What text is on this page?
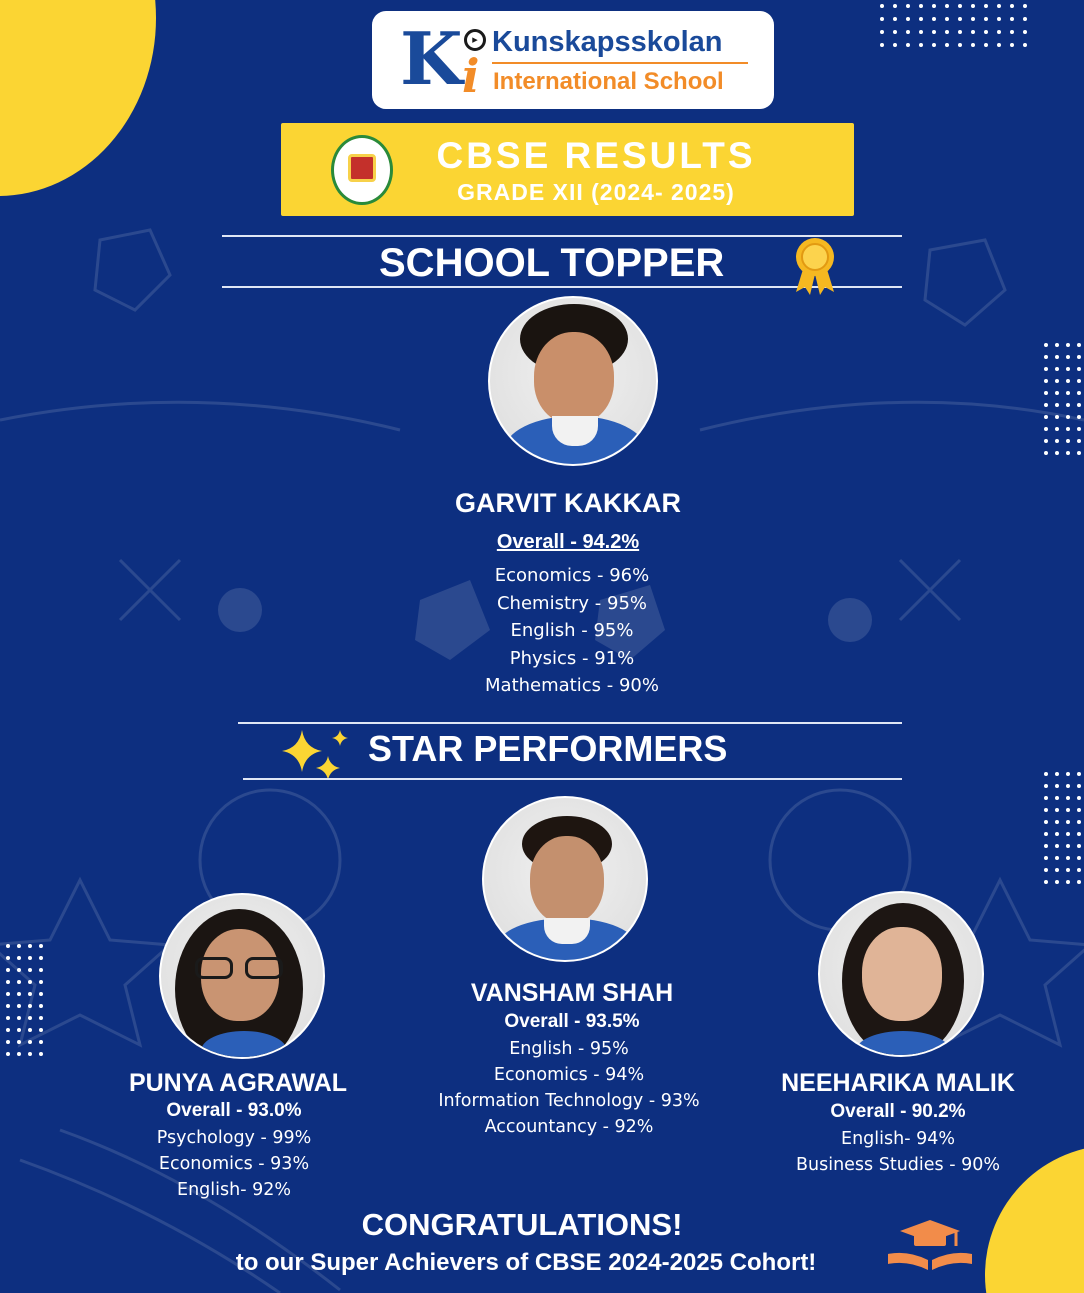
K i
▸ Kunskapsskolan
International School
CBSE RESULTS
GRADE XII (2024- 2025)
SCHOOL TOPPER
GARVIT KAKKAR
Overall - 94.2%
Economics - 96%
Chemistry - 95%
English - 95%
Physics - 91%
Mathematics - 90%
STAR PERFORMERS
VANSHAM SHAH
Overall - 93.5%
English - 95%
Economics - 94%
Information Technology - 93%
Accountancy - 92%
PUNYA AGRAWAL
Overall - 93.0%
Psychology - 99%
Economics - 93%
English- 92%
NEEHARIKA MALIK
Overall - 90.2%
English- 94%
Business Studies - 90%
CONGRATULATIONS!
to our Super Achievers of CBSE 2024-2025 Cohort!
